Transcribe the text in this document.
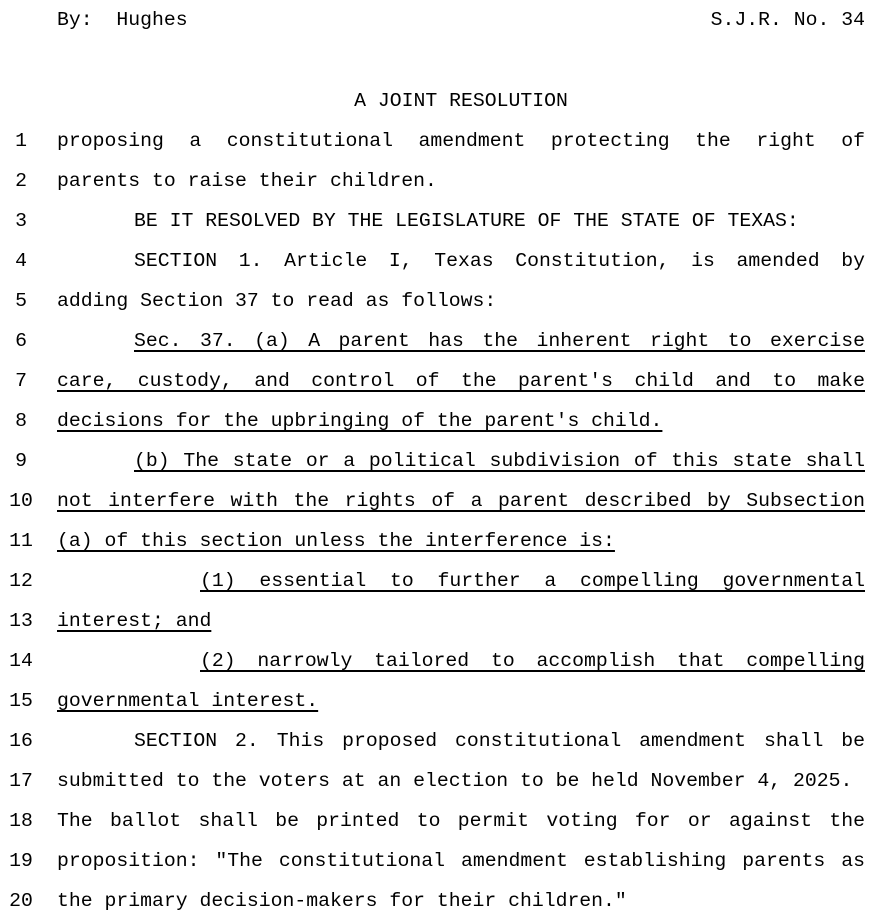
By:  Hughes	S.J.R. No. 34
A JOINT RESOLUTION
1	proposing a constitutional amendment protecting the right of
2	parents to raise their children.
3	BE IT RESOLVED BY THE LEGISLATURE OF THE STATE OF TEXAS:
4	SECTION 1. Article I, Texas Constitution, is amended by
5	adding Section 37 to read as follows:
6	Sec. 37. (a) A parent has the inherent right to exercise
7	care, custody, and control of the parent's child and to make
8	decisions for the upbringing of the parent's child.
9	(b) The state or a political subdivision of this state shall
10	not interfere with the rights of a parent described by Subsection
11	(a) of this section unless the interference is:
12	(1) essential to further a compelling governmental
13	interest; and
14	(2) narrowly tailored to accomplish that compelling
15	governmental interest.
16	SECTION 2. This proposed constitutional amendment shall be
17	submitted to the voters at an election to be held November 4, 2025.
18	The ballot shall be printed to permit voting for or against the
19	proposition: "The constitutional amendment establishing parents as
20	the primary decision-makers for their children."
